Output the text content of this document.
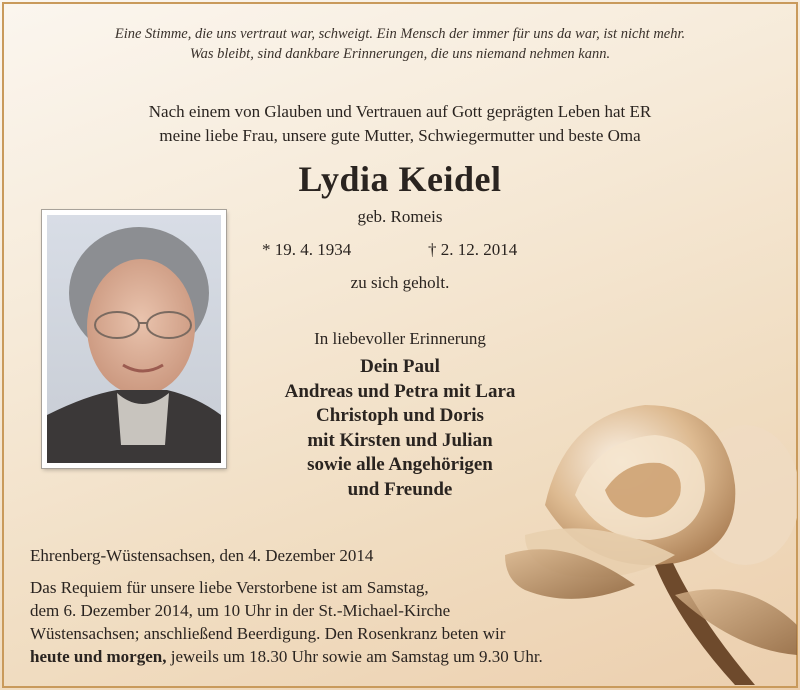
Eine Stimme, die uns vertraut war, schweigt. Ein Mensch der immer für uns da war, ist nicht mehr.
Was bleibt, sind dankbare Erinnerungen, die uns niemand nehmen kann.
Nach einem von Glauben und Vertrauen auf Gott geprägten Leben hat ER
meine liebe Frau, unsere gute Mutter, Schwiegermutter und beste Oma
Lydia Keidel
geb. Romeis
* 19. 4. 1934	† 2. 12. 2014
zu sich geholt.
In liebevoller Erinnerung
Dein Paul
Andreas und Petra mit Lara
Christoph und Doris
mit Kirsten und Julian
sowie alle Angehörigen
und Freunde
Ehrenberg-Wüstensachsen, den 4. Dezember 2014
Das Requiem für unsere liebe Verstorbene ist am Samstag,
dem 6. Dezember 2014, um 10 Uhr in der St.-Michael-Kirche
Wüstensachsen; anschließend Beerdigung. Den Rosenkranz beten wir
heute und morgen, jeweils um 18.30 Uhr sowie am Samstag um 9.30 Uhr.
